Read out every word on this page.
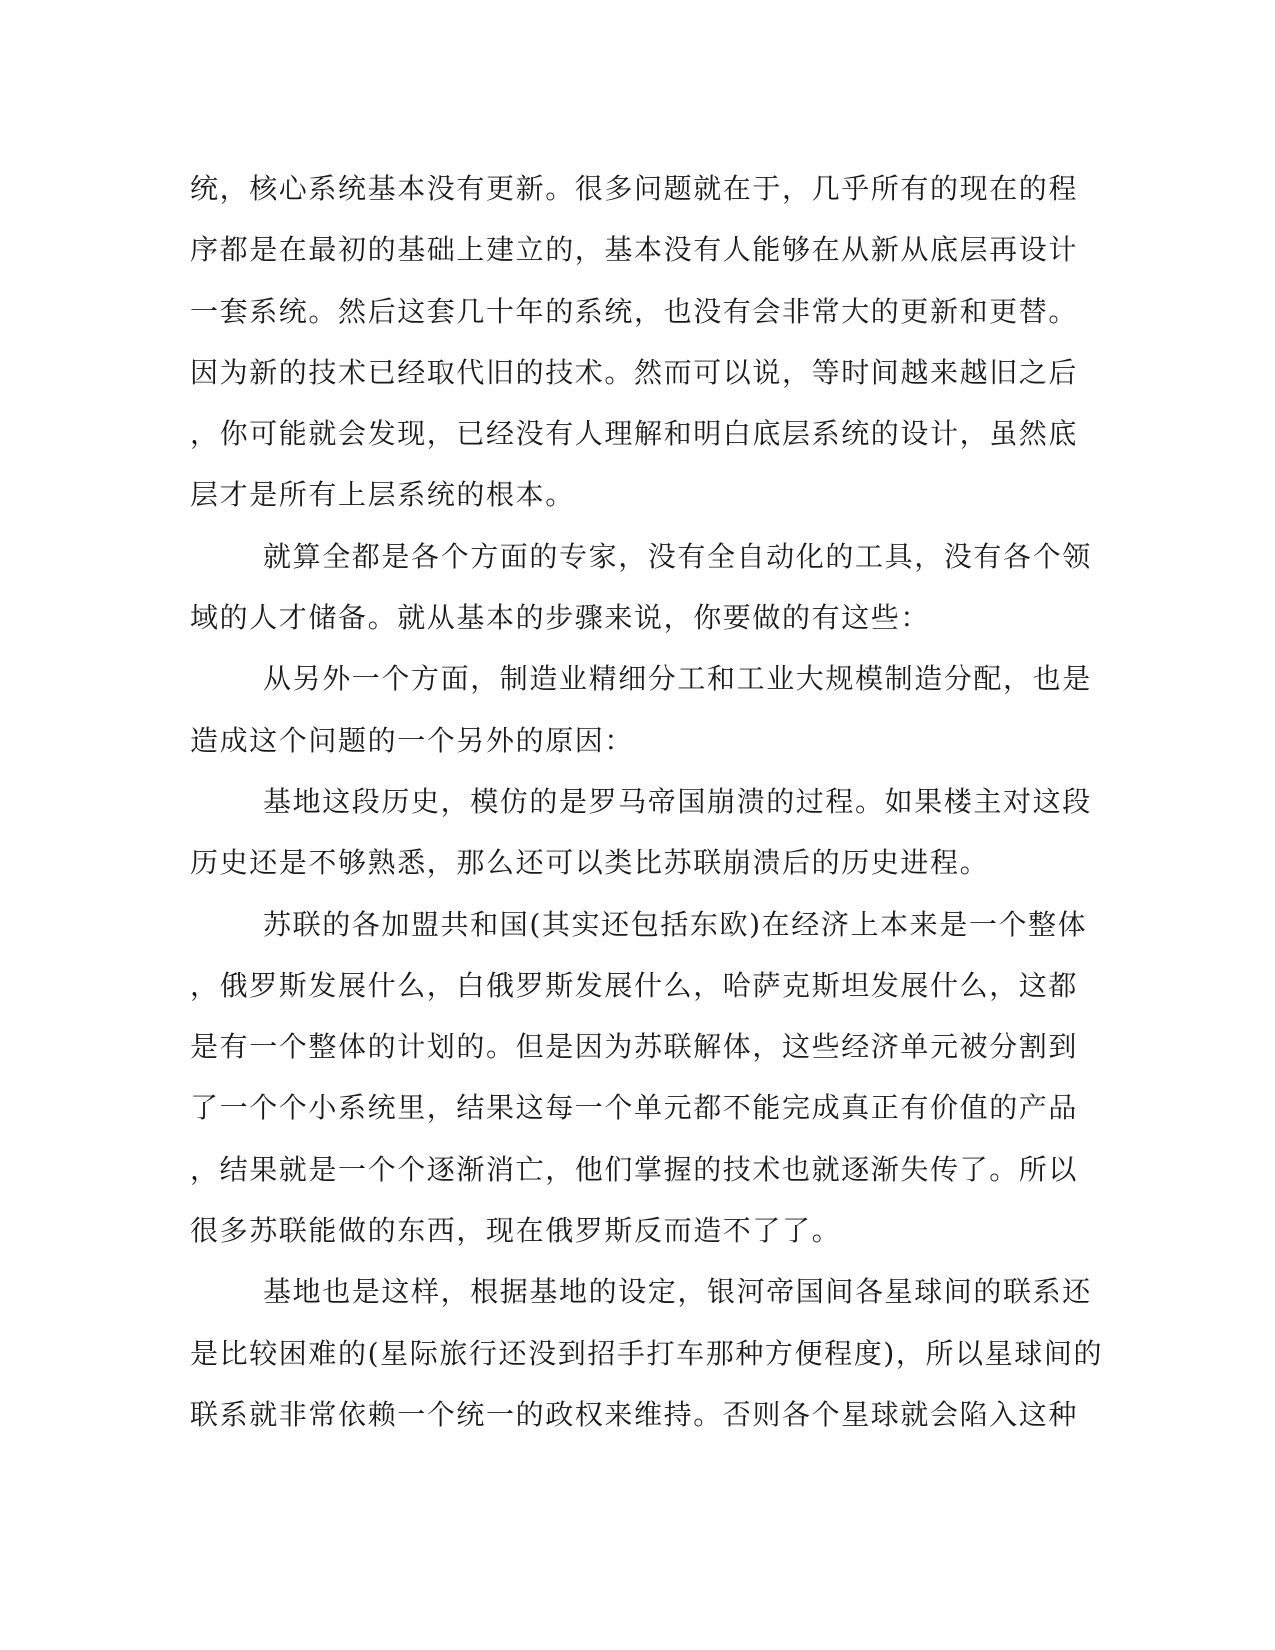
统，核心系统基本没有更新。很多问题就在于，几乎所有的现在的程
序都是在最初的基础上建立的，基本没有人能够在从新从底层再设计
一套系统。然后这套几十年的系统，也没有会非常大的更新和更替。
因为新的技术已经取代旧的技术。然而可以说，等时间越来越旧之后
，你可能就会发现，已经没有人理解和明白底层系统的设计，虽然底
层才是所有上层系统的根本。
就算全都是各个方面的专家，没有全自动化的工具，没有各个领
域的人才储备。就从基本的步骤来说，你要做的有这些：
从另外一个方面，制造业精细分工和工业大规模制造分配，也是
造成这个问题的一个另外的原因：
基地这段历史，模仿的是罗马帝国崩溃的过程。如果楼主对这段
历史还是不够熟悉，那么还可以类比苏联崩溃后的历史进程。
苏联的各加盟共和国(其实还包括东欧)在经济上本来是一个整体
，俄罗斯发展什么，白俄罗斯发展什么，哈萨克斯坦发展什么，这都
是有一个整体的计划的。但是因为苏联解体，这些经济单元被分割到
了一个个小系统里，结果这每一个单元都不能完成真正有价值的产品
，结果就是一个个逐渐消亡，他们掌握的技术也就逐渐失传了。所以
很多苏联能做的东西，现在俄罗斯反而造不了了。
基地也是这样，根据基地的设定，银河帝国间各星球间的联系还
是比较困难的(星际旅行还没到招手打车那种方便程度)，所以星球间的
联系就非常依赖一个统一的政权来维持。否则各个星球就会陷入这种
